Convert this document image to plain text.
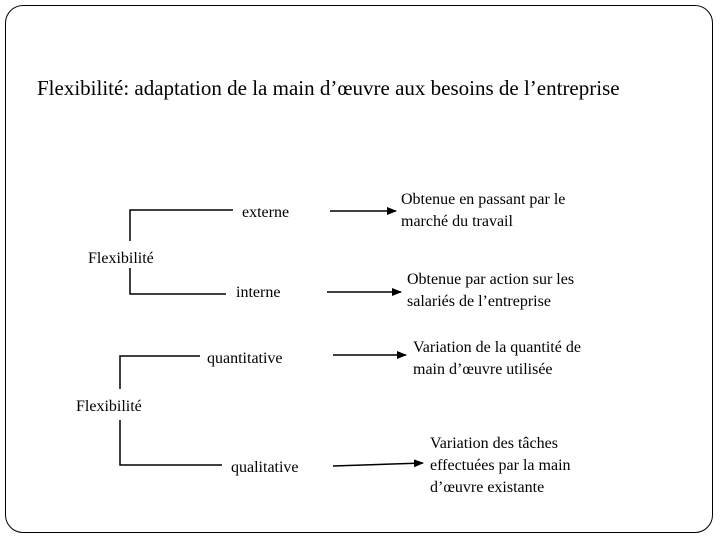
Flexibilité: adaptation de la main d’œuvre aux besoins de l’entreprise
Flexibilité
externe
interne
Obtenue en passant par le
marché du travail
Obtenue par action sur les
salariés de l’entreprise
Flexibilité
quantitative
qualitative
Variation de la quantité de
main d’œuvre utilisée
Variation des tâches
effectuées par la main
d’œuvre existante
